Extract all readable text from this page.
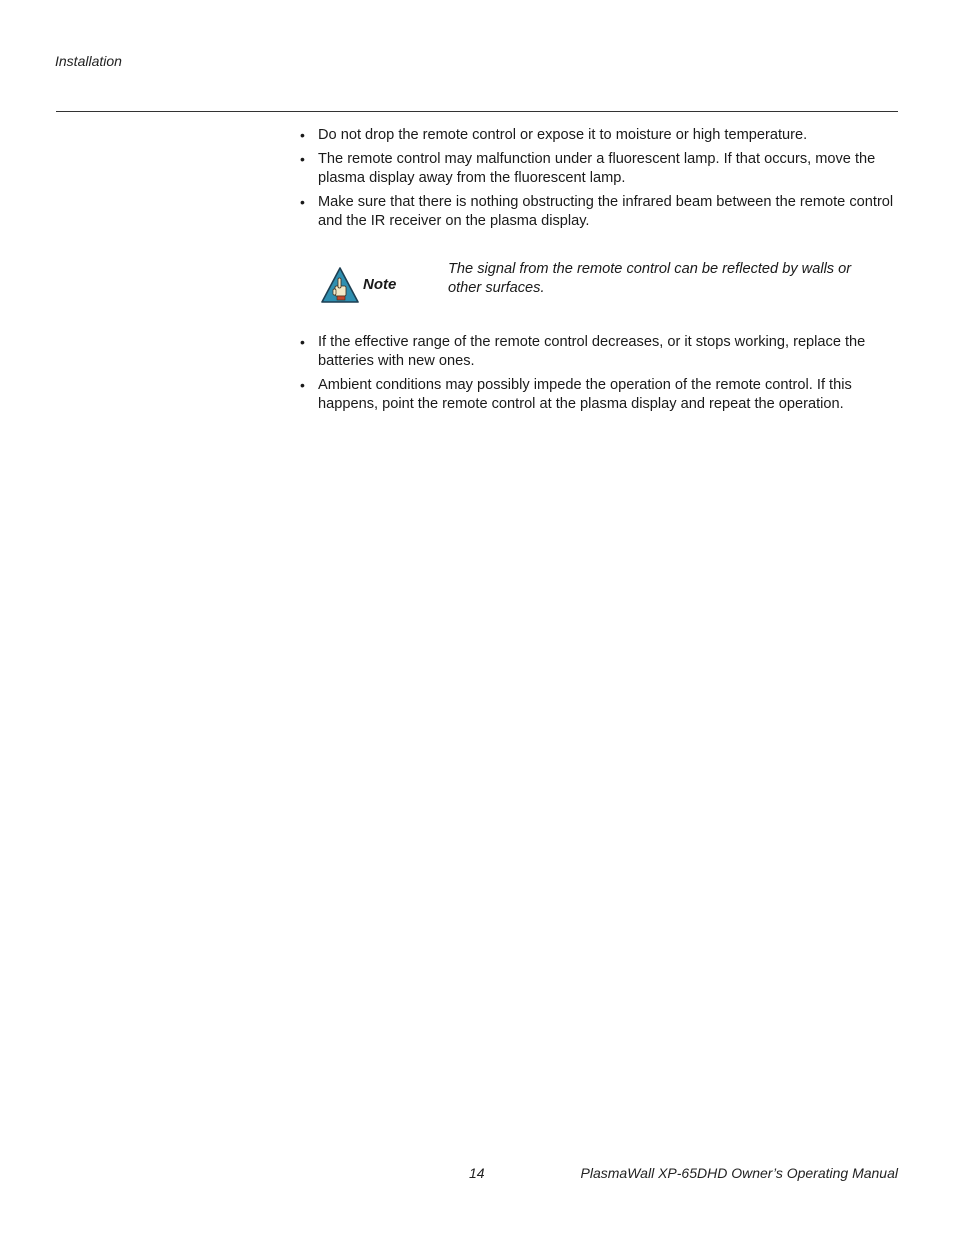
Installation
• Do not drop the remote control or expose it to moisture or high temperature.
• The remote control may malfunction under a fluorescent lamp. If that occurs, move the plasma display away from the fluorescent lamp.
• Make sure that there is nothing obstructing the infrared beam between the remote control and the IR receiver on the plasma display.
Note
The signal from the remote control can be reflected by walls or other surfaces.
• If the effective range of the remote control decreases, or it stops working, replace the batteries with new ones.
• Ambient conditions may possibly impede the operation of the remote control. If this happens, point the remote control at the plasma display and repeat the operation.
14	PlasmaWall XP-65DHD Owner’s Operating Manual
